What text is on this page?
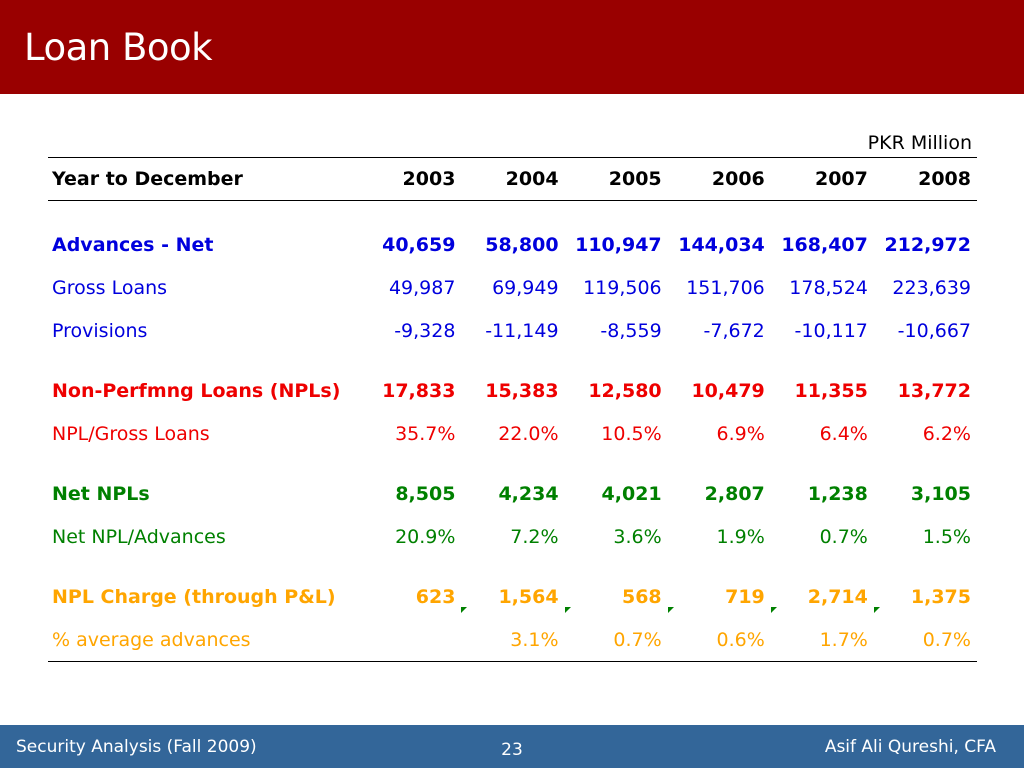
Loan Book
PKR Million
Year to December	2003	2004	2005	2006	2007	2008

Advances - Net	40,659	58,800	110,947	144,034	168,407	212,972
Gross Loans	49,987	69,949	119,506	151,706	178,524	223,639
Provisions	-9,328	-11,149	-8,559	-7,672	-10,117	-10,667

Non-Perfmng Loans (NPLs)	17,833	15,383	12,580	10,479	11,355	13,772
NPL/Gross Loans	35.7%	22.0%	10.5%	6.9%	6.4%	6.2%

Net NPLs	8,505	4,234	4,021	2,807	1,238	3,105
Net NPL/Advances	20.9%	7.2%	3.6%	1.9%	0.7%	1.5%

NPL Charge (through P&L)	623	1,564	568	719	2,714	1,375
% average advances		3.1%	0.7%	0.6%	1.7%	0.7%
Security Analysis (Fall 2009)	23	Asif Ali Qureshi, CFA
